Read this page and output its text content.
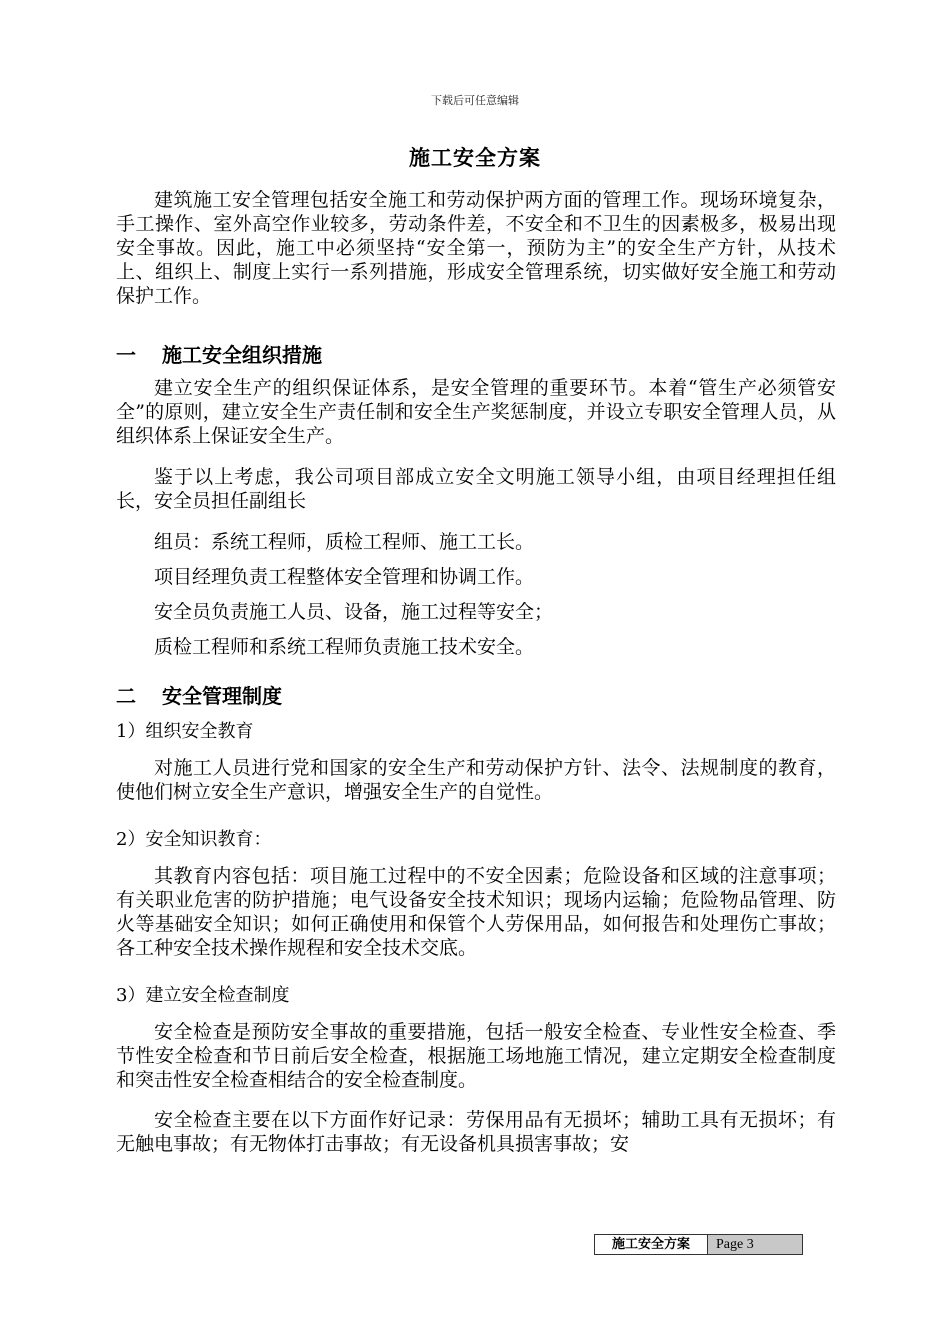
下载后可任意编辑
施工安全方案

建筑施工安全管理包括安全施工和劳动保护两方面的管理工作。现场环境复杂，手工操作、室外高空作业较多，劳动条件差，不安全和不卫生的因素极多，极易出现安全事故。因此，施工中必须坚持“安全第一，预防为主”的安全生产方针，从技术上、组织上、制度上实行一系列措施，形成安全管理系统，切实做好安全施工和劳动保护工作。

一 施工安全组织措施

建立安全生产的组织保证体系，是安全管理的重要环节。本着“管生产必须管安全”的原则，建立安全生产责任制和安全生产奖惩制度，并设立专职安全管理人员，从组织体系上保证安全生产。

鉴于以上考虑，我公司项目部成立安全文明施工领导小组，由项目经理担任组长，安全员担任副组长

组员：系统工程师，质检工程师、施工工长。

项目经理负责工程整体安全管理和协调工作。

安全员负责施工人员、设备，施工过程等安全；

质检工程师和系统工程师负责施工技术安全。

二 安全管理制度

1）组织安全教育

对施工人员进行党和国家的安全生产和劳动保护方针、法令、法规制度的教育，使他们树立安全生产意识，增强安全生产的自觉性。

2）安全知识教育：

其教育内容包括：项目施工过程中的不安全因素；危险设备和区域的注意事项；有关职业危害的防护措施；电气设备安全技术知识；现场内运输；危险物品管理、防火等基础安全知识；如何正确使用和保管个人劳保用品，如何报告和处理伤亡事故；各工种安全技术操作规程和安全技术交底。

3）建立安全检查制度

安全检查是预防安全事故的重要措施，包括一般安全检查、专业性安全检查、季节性安全检查和节日前后安全检查，根据施工场地施工情况，建立定期安全检查制度和突击性安全检查相结合的安全检查制度。

安全检查主要在以下方面作好记录：劳保用品有无损坏；辅助工具有无损坏；有无触电事故；有无物体打击事故；有无设备机具损害事故；安

施工安全方案	Page 3
